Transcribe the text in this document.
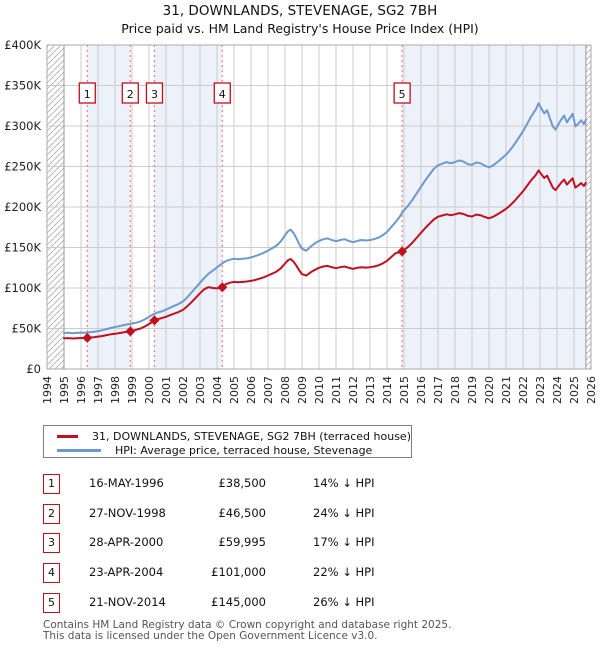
31, DOWNLANDS, STEVENAGE, SG2 7BH
Price paid vs. HM Land Registry's House Price Index (HPI)
1	2 3	4	5
£0
£50K
£100K
£150K
£200K
£250K
£300K
£350K
£400K
1994 1995 1996 1997 1998 1999 2000 2001 2002 2003 2004 2005 2006 2007 2008 2009 2010 2011 2012 2013 2014 2015 2016 2017 2018 2019 2020 2021 2022 2023 2024 2025 2026
31, DOWNLANDS, STEVENAGE, SG2 7BH (terraced house)
HPI: Average price, terraced house, Stevenage
1	16-MAY-1996	£38,500	14% ↓ HPI
2	27-NOV-1998	£46,500	24% ↓ HPI
3	28-APR-2000	£59,995	17% ↓ HPI
4	23-APR-2004	£101,000	22% ↓ HPI
5	21-NOV-2014	£145,000	26% ↓ HPI
Contains HM Land Registry data © Crown copyright and database right 2025.
This data is licensed under the Open Government Licence v3.0.
